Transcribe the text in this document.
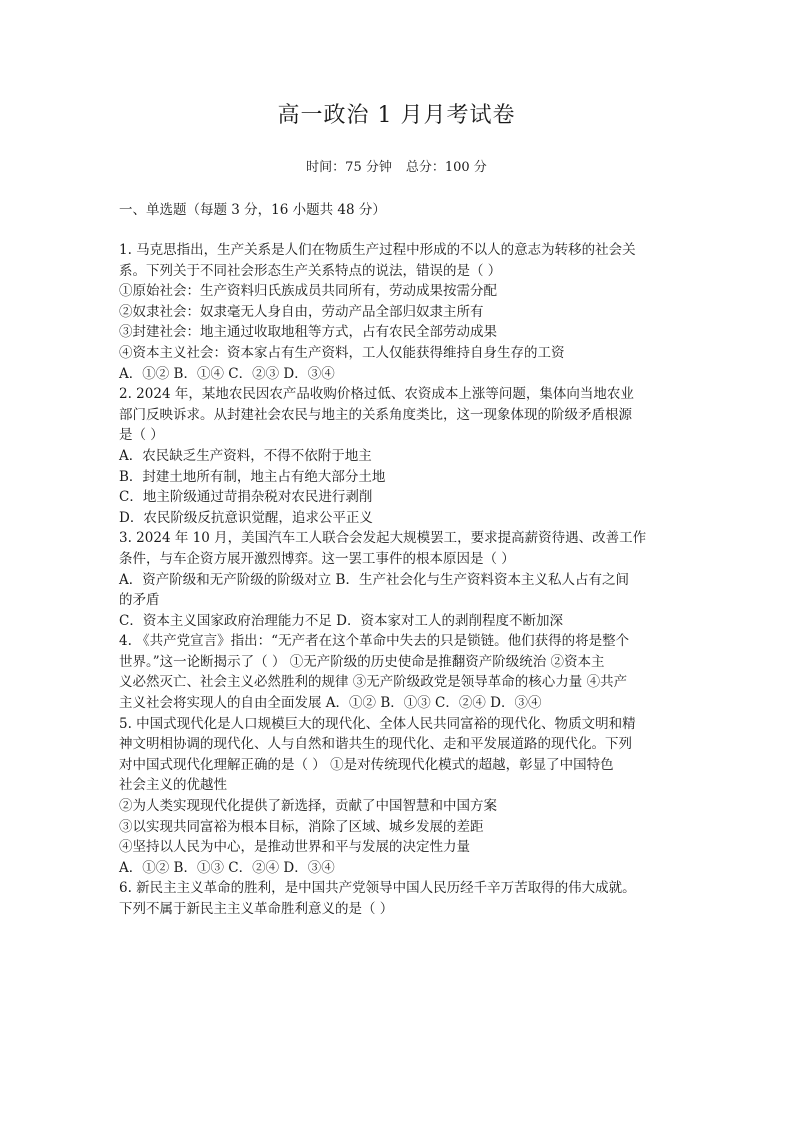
高一政治 1 月月考试卷
时间：75 分钟 总分：100 分
一、单选题（每题 3 分，16 小题共 48 分）
1. 马克思指出，生产关系是人们在物质生产过程中形成的不以人的意志为转移的社会关
系。下列关于不同社会形态生产关系特点的说法，错误的是（ ）
①原始社会：生产资料归氏族成员共同所有，劳动成果按需分配
②奴隶社会：奴隶毫无人身自由，劳动产品全部归奴隶主所有
③封建社会：地主通过收取地租等方式，占有农民全部劳动成果
④资本主义社会：资本家占有生产资料，工人仅能获得维持自身生存的工资
A．①② B．①④ C．②③ D．③④
2. 2024 年，某地农民因农产品收购价格过低、农资成本上涨等问题，集体向当地农业
部门反映诉求。从封建社会农民与地主的关系角度类比，这一现象体现的阶级矛盾根源
是（ ）
A．农民缺乏生产资料，不得不依附于地主
B．封建土地所有制，地主占有绝大部分土地
C．地主阶级通过苛捐杂税对农民进行剥削
D．农民阶级反抗意识觉醒，追求公平正义
3. 2024 年 10 月，美国汽车工人联合会发起大规模罢工，要求提高薪资待遇、改善工作
条件，与车企资方展开激烈博弈。这一罢工事件的根本原因是（ ）
A．资产阶级和无产阶级的阶级对立 B．生产社会化与生产资料资本主义私人占有之间
的矛盾
C．资本主义国家政府治理能力不足 D．资本家对工人的剥削程度不断加深
4. 《共产党宣言》指出：“无产者在这个革命中失去的只是锁链。他们获得的将是整个
世界。”这一论断揭示了（ ） ①无产阶级的历史使命是推翻资产阶级统治 ②资本主
义必然灭亡、社会主义必然胜利的规律 ③无产阶级政党是领导革命的核心力量 ④共产
主义社会将实现人的自由全面发展 A．①② B．①③ C．②④ D．③④
5. 中国式现代化是人口规模巨大的现代化、全体人民共同富裕的现代化、物质文明和精
神文明相协调的现代化、人与自然和谐共生的现代化、走和平发展道路的现代化。下列
对中国式现代化理解正确的是（ ） ①是对传统现代化模式的超越，彰显了中国特色
社会主义的优越性
②为人类实现现代化提供了新选择，贡献了中国智慧和中国方案
③以实现共同富裕为根本目标，消除了区域、城乡发展的差距
④坚持以人民为中心，是推动世界和平与发展的决定性力量
A．①② B．①③ C．②④ D．③④
6. 新民主主义革命的胜利，是中国共产党领导中国人民历经千辛万苦取得的伟大成就。
下列不属于新民主主义革命胜利意义的是（ ）
